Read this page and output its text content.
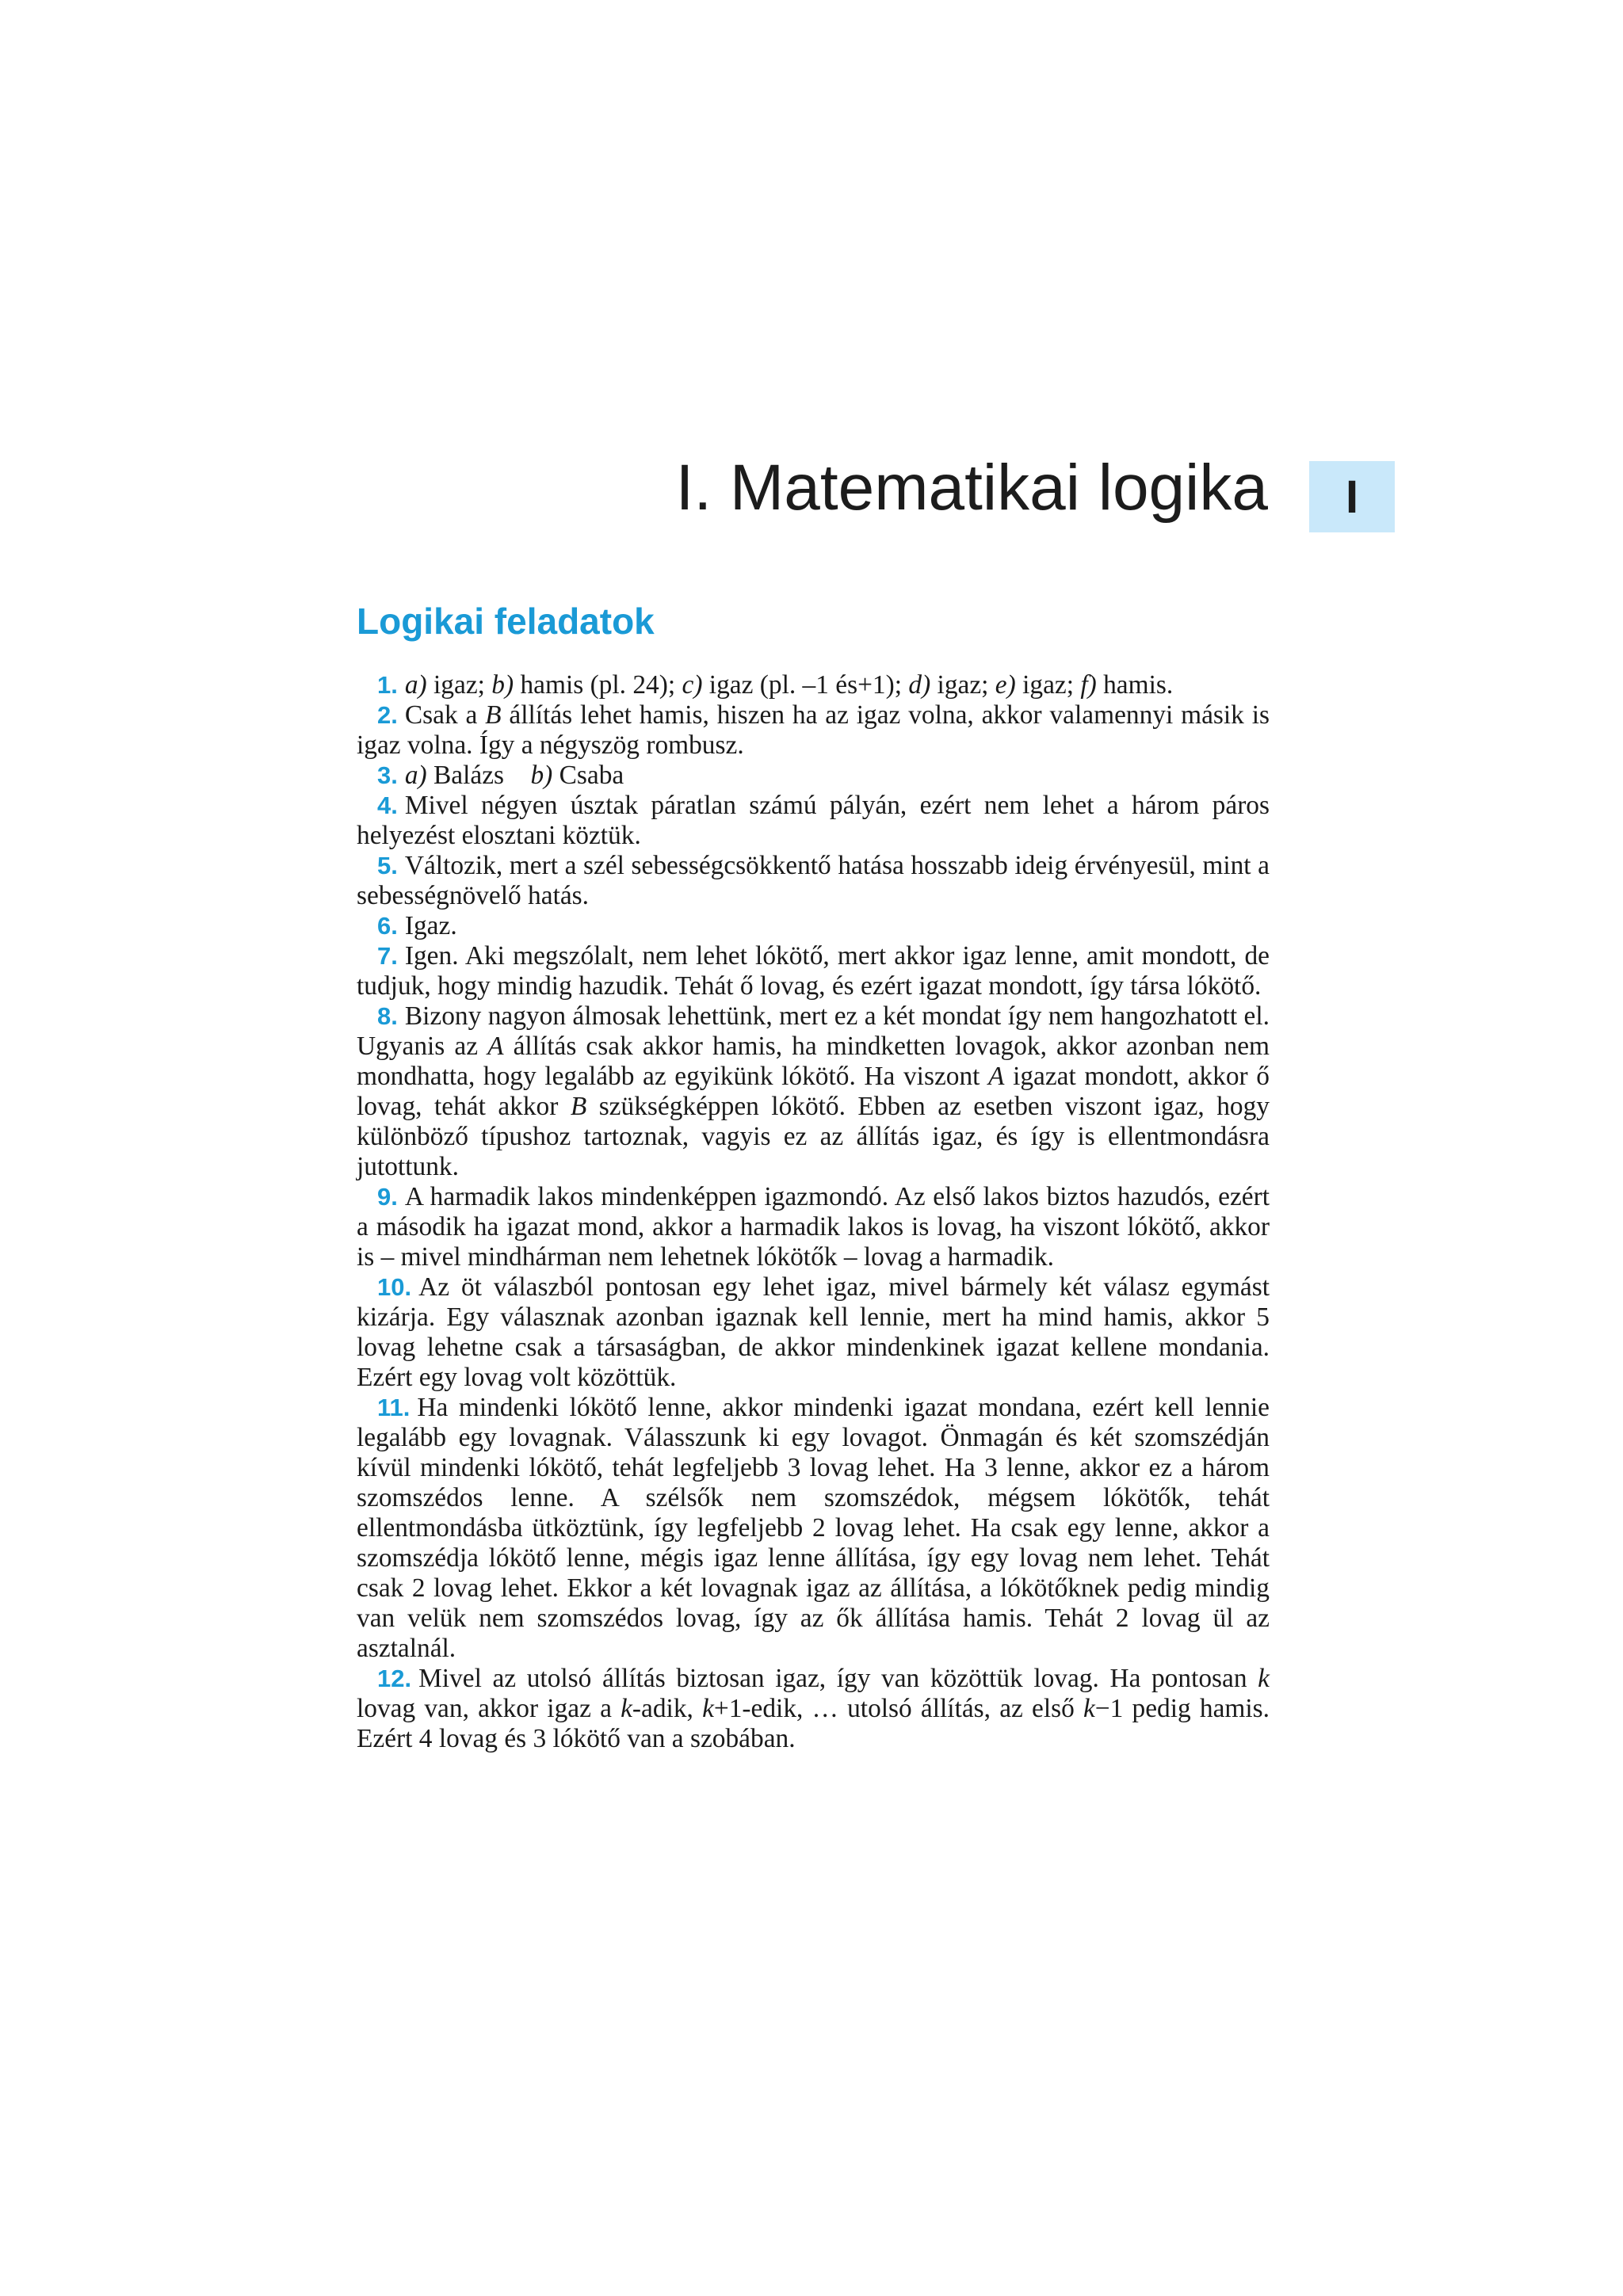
I. Matematikai logika I
Logikai feladatok

1. a) igaz; b) hamis (pl. 24); c) igaz (pl. –1 és+1); d) igaz; e) igaz; f) hamis.

2. Csak a B állítás lehet hamis, hiszen ha az igaz volna, akkor valamennyi másik is igaz volna. Így a négyszög rombusz.

3. a) Balázs b) Csaba

4. Mivel négyen úsztak páratlan számú pályán, ezért nem lehet a három páros helyezést elosztani köztük.

5. Változik, mert a szél sebességcsökkentő hatása hosszabb ideig érvényesül, mint a sebességnövelő hatás.

6. Igaz.

7. Igen. Aki megszólalt, nem lehet lókötő, mert akkor igaz lenne, amit mondott, de tudjuk, hogy mindig hazudik. Tehát ő lovag, és ezért igazat mondott, így társa lókötő.

8. Bizony nagyon álmosak lehettünk, mert ez a két mondat így nem hangozhatott el. Ugyanis az A állítás csak akkor hamis, ha mindketten lovagok, akkor azonban nem mondhatta, hogy legalább az egyikünk lókötő. Ha viszont A igazat mondott, akkor ő lovag, tehát akkor B szükségképpen lókötő. Ebben az esetben viszont igaz, hogy különböző típushoz tartoznak, vagyis ez az állítás igaz, és így is ellentmondásra jutottunk.

9. A harmadik lakos mindenképpen igazmondó. Az első lakos biztos hazudós, ezért a második ha igazat mond, akkor a harmadik lakos is lovag, ha viszont lókötő, akkor is – mivel mindhárman nem lehetnek lókötők – lovag a harmadik.

10. Az öt válaszból pontosan egy lehet igaz, mivel bármely két válasz egymást kizárja. Egy válasznak azonban igaznak kell lennie, mert ha mind hamis, akkor 5 lovag lehetne csak a társaságban, de akkor mindenkinek igazat kellene mondania. Ezért egy lovag volt közöttük.

11. Ha mindenki lókötő lenne, akkor mindenki igazat mondana, ezért kell lennie legalább egy lovagnak. Válasszunk ki egy lovagot. Önmagán és két szomszédján kívül mindenki lókötő, tehát legfeljebb 3 lovag lehet. Ha 3 lenne, akkor ez a három szomszédos lenne. A szélsők nem szomszédok, mégsem lókötők, tehát ellentmondásba ütköztünk, így legfeljebb 2 lovag lehet. Ha csak egy lenne, akkor a szomszédja lókötő lenne, mégis igaz lenne állítása, így egy lovag nem lehet. Tehát csak 2 lovag lehet. Ekkor a két lovagnak igaz az állítása, a lókötőknek pedig mindig van velük nem szomszédos lovag, így az ők állítása hamis. Tehát 2 lovag ül az asztalnál.

12. Mivel az utolsó állítás biztosan igaz, így van közöttük lovag. Ha pontosan k lovag van, akkor igaz a k-adik, k+1-edik, … utolsó állítás, az első k−1 pedig hamis. Ezért 4 lovag és 3 lókötő van a szobában.
